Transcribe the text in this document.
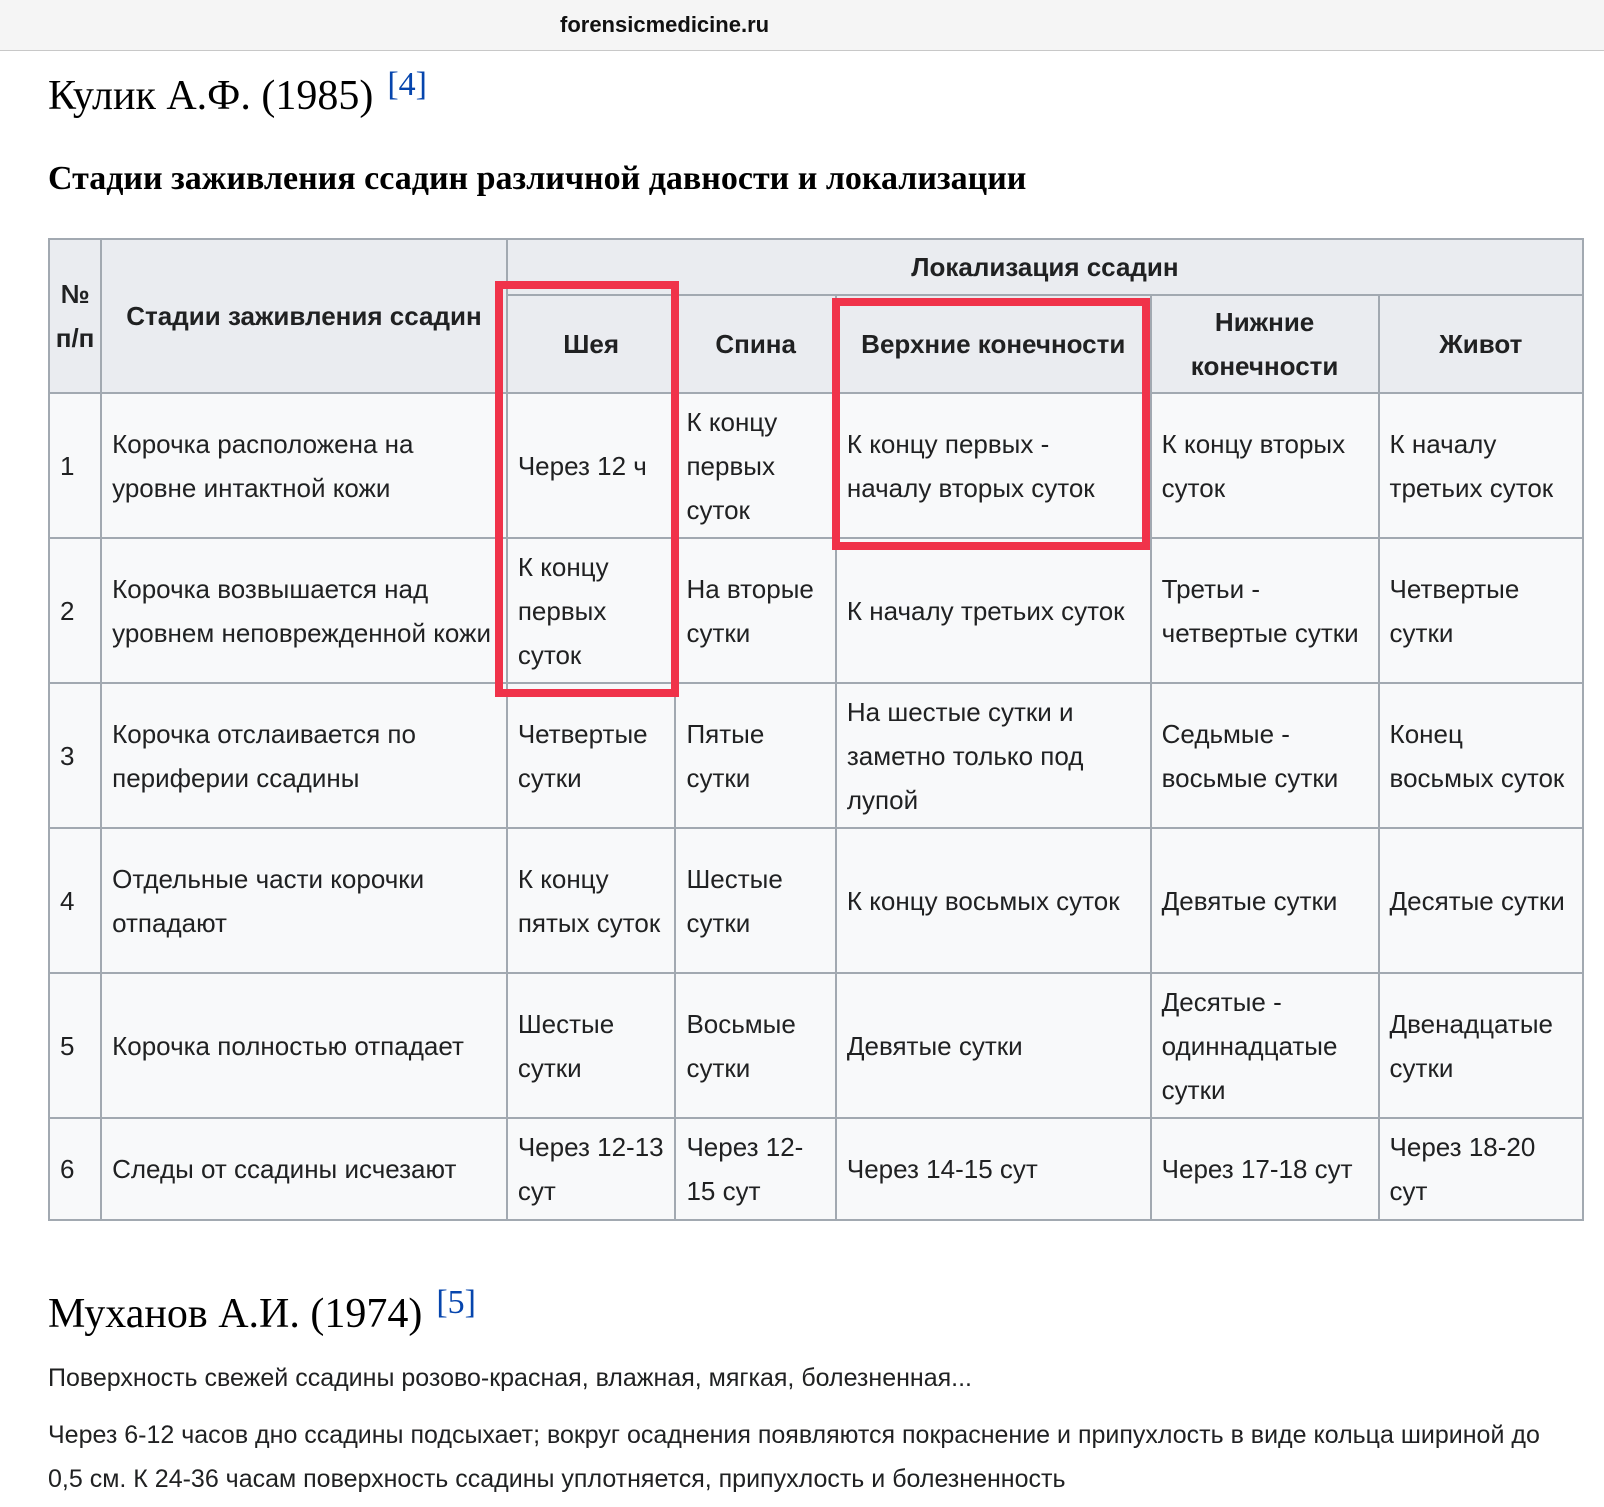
forensicmedicine.ru
Кулик А.Ф. (1985) [4]
Стадии заживления ссадин различной давности и локализации
№ п/п	Стадии заживления ссадин	Локализация ссадин				
		Шея	Спина	Верхние конечности	Нижние конечности	Живот
1	Корочка расположена на уровне интактной кожи	Через 12 ч	К концу первых суток	К концу первых - началу вторых суток	К концу вторых суток	К началу третьих суток
2	Корочка возвышается над уровнем неповрежденной кожи	К концу первых суток	На вторые сутки	К началу третьих суток	Третьи - четвертые сутки	Четвертые сутки
3	Корочка отслаивается по периферии ссадины	Четвертые сутки	Пятые сутки	На шестые сутки и заметно только под лупой	Седьмые - восьмые сутки	Конец восьмых суток
4	Отдельные части корочки отпадают	К концу пятых суток	Шестые сутки	К концу восьмых суток	Девятые сутки	Десятые сутки
5	Корочка полностью отпадает	Шестые сутки	Восьмые сутки	Девятые сутки	Десятые - одиннадцатые сутки	Двенадцатые сутки
6	Следы от ссадины исчезают	Через 12-13 сут	Через 12-15 сут	Через 14-15 сут	Через 17-18 сут	Через 18-20 сут
Муханов А.И. (1974) [5]

Поверхность свежей ссадины розово-красная, влажная, мягкая, болезненная...

Через 6-12 часов дно ссадины подсыхает; вокруг осаднения появляются покраснение и припухлость в виде кольца шириной до 0,5 см. К 24-36 часам поверхность ссадины уплотняется, припухлость и болезненность
